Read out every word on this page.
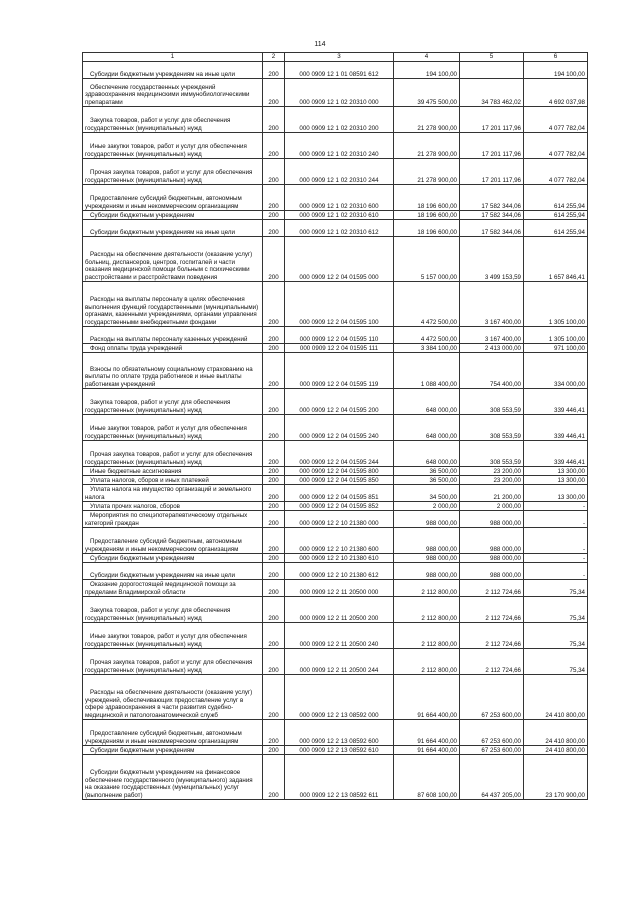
114
1	2	3	4	5	6
Субсидии бюджетным учреждениям на иные цели	200	000 0909 12 1 01 08591 612	194 100,00		194 100,00
Обеспечение государственных учреждений здравоохранения медицинскими иммунобиологическими препаратами	200	000 0909 12 1 02 20310 000	39 475 500,00	34 783 462,02	4 692 037,98
Закупка товаров, работ и услуг для обеспечения государственных (муниципальных) нужд	200	000 0909 12 1 02 20310 200	21 278 900,00	17 201 117,96	4 077 782,04
Иные закупки товаров, работ и услуг для обеспечения государственных (муниципальных) нужд	200	000 0909 12 1 02 20310 240	21 278 900,00	17 201 117,96	4 077 782,04
Прочая закупка товаров, работ и услуг для обеспечения государственных (муниципальных) нужд	200	000 0909 12 1 02 20310 244	21 278 900,00	17 201 117,96	4 077 782,04
Предоставление субсидий бюджетным, автономным учреждениям и иным некоммерческим организациям	200	000 0909 12 1 02 20310 600	18 196 600,00	17 582 344,06	614 255,94
Субсидии бюджетным учреждениям	200	000 0909 12 1 02 20310 610	18 196 600,00	17 582 344,06	614 255,94
Субсидии бюджетным учреждениям на иные цели	200	000 0909 12 1 02 20310 612	18 196 600,00	17 582 344,06	614 255,94
Расходы на обеспечение деятельности (оказание услуг) больниц, диспансеров, центров, госпиталей и части оказания медицинской помощи больным с психическими расстройствами и расстройствами поведения	200	000 0909 12 2 04 01595 000	5 157 000,00	3 499 153,59	1 657 846,41
Расходы на выплаты персоналу в целях обеспечения выполнения функций государственными (муниципальными) органами, казенными учреждениями, органами управления государственными внебюджетными фондами	200	000 0909 12 2 04 01595 100	4 472 500,00	3 167 400,00	1 305 100,00
Расходы на выплаты персоналу казенных учреждений	200	000 0909 12 2 04 01595 110	4 472 500,00	3 167 400,00	1 305 100,00
Фонд оплаты труда учреждений	200	000 0909 12 2 04 01595 111	3 384 100,00	2 413 000,00	971 100,00
Взносы по обязательному социальному страхованию на выплаты по оплате труда работников и иные выплаты работникам учреждений	200	000 0909 12 2 04 01595 119	1 088 400,00	754 400,00	334 000,00
Закупка товаров, работ и услуг для обеспечения государственных (муниципальных) нужд	200	000 0909 12 2 04 01595 200	648 000,00	308 553,59	339 446,41
Иные закупки товаров, работ и услуг для обеспечения государственных (муниципальных) нужд	200	000 0909 12 2 04 01595 240	648 000,00	308 553,59	339 446,41
Прочая закупка товаров, работ и услуг для обеспечения государственных (муниципальных) нужд	200	000 0909 12 2 04 01595 244	648 000,00	308 553,59	339 446,41
Иные бюджетные ассигнования	200	000 0909 12 2 04 01595 800	36 500,00	23 200,00	13 300,00
Уплата налогов, сборов и иных платежей	200	000 0909 12 2 04 01595 850	36 500,00	23 200,00	13 300,00
Уплата налога на имущество организаций и земельного налога	200	000 0909 12 2 04 01595 851	34 500,00	21 200,00	13 300,00
Уплата прочих налогов, сборов	200	000 0909 12 2 04 01595 852	2 000,00	2 000,00	-
Мероприятия по спецэпотерапевтическому отдельных категорий граждан	200	000 0909 12 2 10 21380 000	988 000,00	988 000,00	-
Предоставление субсидий бюджетным, автономным учреждениям и иным некоммерческим организациям	200	000 0909 12 2 10 21380 600	988 000,00	988 000,00	-
Субсидии бюджетным учреждениям	200	000 0909 12 2 10 21380 610	988 000,00	988 000,00	-
Субсидии бюджетным учреждениям на иные цели	200	000 0909 12 2 10 21380 612	988 000,00	988 000,00	-
Оказание дорогостоящей медицинской помощи за пределами Владимирской области	200	000 0909 12 2 11 20500 000	2 112 800,00	2 112 724,66	75,34
Закупка товаров, работ и услуг для обеспечения государственных (муниципальных) нужд	200	000 0909 12 2 11 20500 200	2 112 800,00	2 112 724,66	75,34
Иные закупки товаров, работ и услуг для обеспечения государственных (муниципальных) нужд	200	000 0909 12 2 11 20500 240	2 112 800,00	2 112 724,66	75,34
Прочая закупка товаров, работ и услуг для обеспечения государственных (муниципальных) нужд	200	000 0909 12 2 11 20500 244	2 112 800,00	2 112 724,66	75,34
Расходы на обеспечение деятельности (оказание услуг) учреждений, обеспечивающих предоставление услуг в сфере здравоохранения в части развития судебно-медицинской и патологоанатомической служб	200	000 0909 12 2 13 08592 000	91 664 400,00	67 253 600,00	24 410 800,00
Предоставление субсидий бюджетным, автономным учреждениям и иным некоммерческим организациям	200	000 0909 12 2 13 08592 600	91 664 400,00	67 253 600,00	24 410 800,00
Субсидии бюджетным учреждениям	200	000 0909 12 2 13 08592 610	91 664 400,00	67 253 600,00	24 410 800,00
Субсидии бюджетным учреждениям на финансовое обеспечение государственного (муниципального) задания на оказание государственных (муниципальных) услуг (выполнение работ)	200	000 0909 12 2 13 08592 611	87 608 100,00	64 437 205,00	23 170 900,00
